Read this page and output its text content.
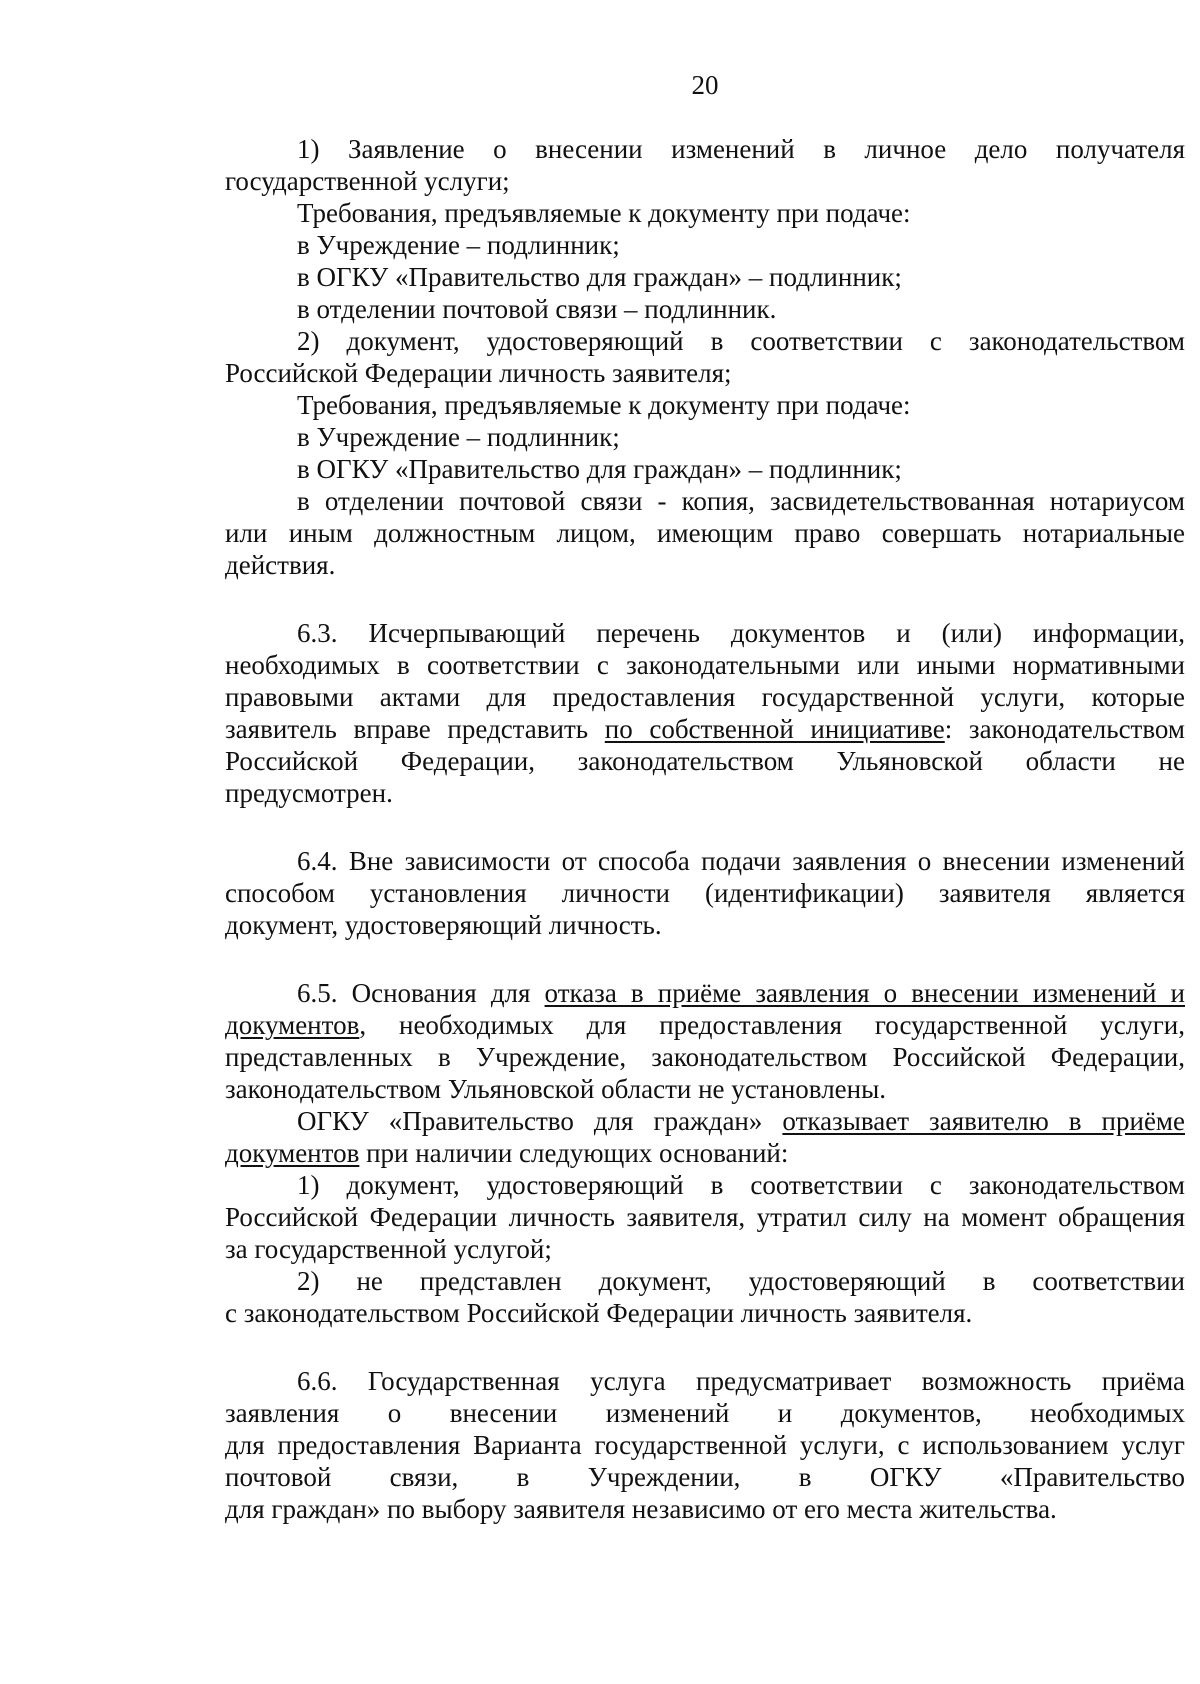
20
1) Заявление о внесении изменений в личное дело получателя
государственной услуги;
Требования, предъявляемые к документу при подаче:
в Учреждение – подлинник;
в ОГКУ «Правительство для граждан» – подлинник;
в отделении почтовой связи – подлинник.
2) документ, удостоверяющий в соответствии с законодательством
Российской Федерации личность заявителя;
Требования, предъявляемые к документу при подаче:
в Учреждение – подлинник;
в ОГКУ «Правительство для граждан» – подлинник;
в отделении почтовой связи - копия, засвидетельствованная нотариусом
или иным должностным лицом, имеющим право совершать нотариальные
действия.
6.3. Исчерпывающий перечень документов и (или) информации,
необходимых в соответствии с законодательными или иными нормативными
правовыми актами для предоставления государственной услуги, которые
заявитель вправе представить по собственной инициативе: законодательством
Российской Федерации, законодательством Ульяновской области не
предусмотрен.
6.4. Вне зависимости от способа подачи заявления о внесении изменений
способом установления личности (идентификации) заявителя является
документ, удостоверяющий личность.
6.5. Основания для отказа в приёме заявления о внесении изменений и
документов, необходимых для предоставления государственной услуги,
представленных в Учреждение, законодательством Российской Федерации,
законодательством Ульяновской области не установлены.
ОГКУ «Правительство для граждан» отказывает заявителю в приёме
документов при наличии следующих оснований:
1) документ, удостоверяющий в соответствии с законодательством
Российской Федерации личность заявителя, утратил силу на момент обращения
за государственной услугой;
2) не представлен документ, удостоверяющий в соответствии
с законодательством Российской Федерации личность заявителя.
6.6. Государственная услуга предусматривает возможность приёма
заявления о внесении изменений и документов, необходимых
для предоставления Варианта государственной услуги, с использованием услуг
почтовой связи, в Учреждении, в ОГКУ «Правительство
для граждан» по выбору заявителя независимо от его места жительства.
